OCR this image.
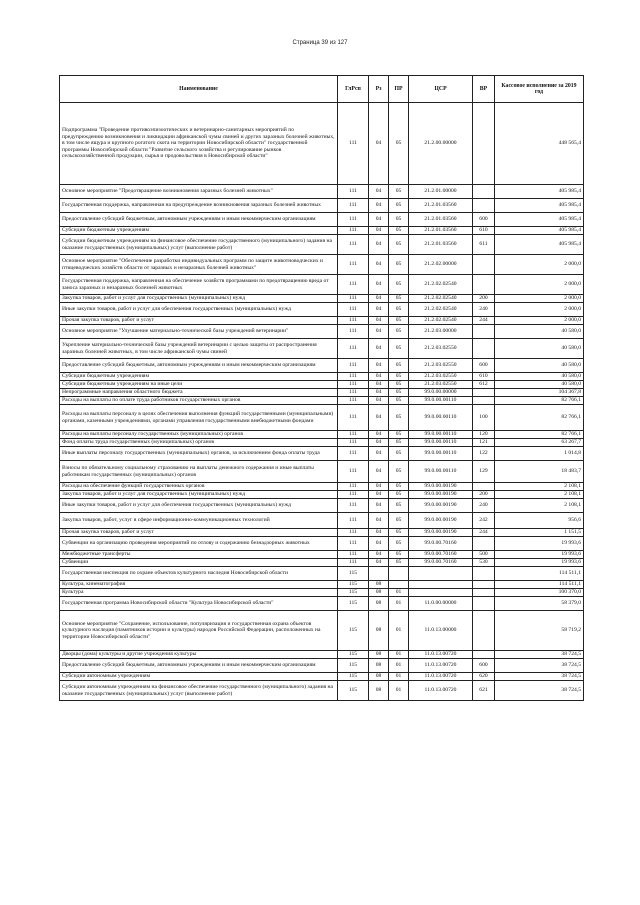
Страница 39 из 127
Наименование	ГлРсп	Рз	ПР	ЦСР	ВР	Кассовое исполнение за 2019 год
Подпрограмма "Проведение противоэпизоотических и ветеринарно-санитарных мероприятий по предупреждению возникновения и ликвидации африканской чумы свиней и других заразных болезней животных, в том числе ящура и крупного рогатого скота на территории Новосибирской области" государственной программы Новосибирской области "Развитие сельского хозяйства и регулирование рынков сельскохозяйственной продукции, сырья и продовольствия в Новосибирской области"	111	04	05	21.2.00.00000		448 565,4
Основное мероприятие "Предотвращение возникновения заразных болезней животных"	111	04	05	21.2.01.00000		405 985,4
Государственная поддержка, направленная на предупреждение возникновения заразных болезней животных	111	04	05	21.2.01.03560		405 985,4
Предоставление субсидий бюджетным, автономным учреждениям и иным некоммерческим организациям	111	04	05	21.2.01.03560	600	405 985,4
Субсидии бюджетным учреждениям	111	04	05	21.2.01.03560	610	405 985,4
Субсидии бюджетным учреждениям на финансовое обеспечение государственного (муниципального) задания на оказание государственных (муниципальных) услуг (выполнение работ)	111	04	05	21.2.01.03560	611	405 985,4
Основное мероприятие "Обеспечение разработки индивидуальных программ по защите животноводческих и птицеводческих хозяйств области от заразных и незаразных болезней животных"	111	04	05	21.2.02.00000		2 000,0
Государственная поддержка, направленная на обеспечение хозяйств программами по предотвращению вреда от заноса заразных и незаразных болезней животных	111	04	05	21.2.02.02540		2 000,0
Закупка товаров, работ и услуг для государственных (муниципальных) нужд	111	04	05	21.2.02.02540	200	2 000,0
Иные закупки товаров, работ и услуг для обеспечения государственных (муниципальных) нужд	111	04	05	21.2.02.02540	240	2 000,0
Прочая закупка товаров, работ и услуг	111	04	05	21.2.02.02540	244	2 000,0
Основное мероприятие "Улучшение материально-технической базы учреждений ветеринарии"	111	04	05	21.2.03.00000		40 580,0
Укрепление материально-технической базы учреждений ветеринарии с целью защиты от распространения заразных болезней животных, в том числе африканской чумы свиней	111	04	05	21.2.03.02550		40 580,0
Предоставление субсидий бюджетным, автономным учреждениям и иным некоммерческим организациям	111	04	05	21.2.03.02550	600	40 580,0
Субсидии бюджетным учреждениям	111	04	05	21.2.03.02550	610	40 580,0
Субсидии бюджетным учреждениям на иные цели	111	04	05	21.2.03.02550	612	40 580,0
Непрограммные направления областного бюджета	111	04	05	99.0.00.00000		104 367,8
Расходы на выплаты по оплате труда работников государственных органов	111	04	05	99.0.00.00110		82 766,1
Расходы на выплаты персоналу в целях обеспечения выполнения функций государственными (муниципальными) органами, казенными учреждениями, органами управления государственными внебюджетными фондами	111	04	05	99.0.00.00110	100	82 766,1
Расходы на выплаты персоналу государственных (муниципальных) органов	111	04	05	99.0.00.00110	120	82 766,1
Фонд оплаты труда государственных (муниципальных) органов	111	04	05	99.0.00.00110	121	63 267,7
Иные выплаты персоналу государственных (муниципальных) органов, за исключением фонда оплаты труда	111	04	05	99.0.00.00110	122	1 014,8
Взносы по обязательному социальному страхованию на выплаты денежного содержания и иные выплаты работникам государственных (муниципальных) органов	111	04	05	99.0.00.00110	129	18 483,7
Расходы на обеспечение функций государственных органов	111	04	05	99.0.00.00190		2 108,1
Закупка товаров, работ и услуг для государственных (муниципальных) нужд	111	04	05	99.0.00.00190	200	2 108,1
Иные закупки товаров, работ и услуг для обеспечения государственных (муниципальных) нужд	111	04	05	99.0.00.00190	240	2 108,1
Закупка товаров, работ, услуг в сфере информационно-коммуникационных технологий	111	04	05	99.0.00.00190	242	956,6
Прочая закупка товаров, работ и услуг	111	04	05	99.0.00.00190	244	1 151,5
Субвенции на организацию проведения мероприятий по отлову и содержанию безнадзорных животных	111	04	05	99.0.00.70160		19 993,6
Межбюджетные трансферты	111	04	05	99.0.00.70160	500	19 993,6
Субвенции	111	04	05	99.0.00.70160	530	19 993,6
Государственная инспекция по охране объектов культурного наследия Новосибирской области	115					114 511,1
Культура, кинематография	115	08				114 511,1
Культура	115	08	01			100 370,0
Государственная программа Новосибирской области "Культура Новосибирской области"	115	08	01	11.0.00.00000		58 379,0
Основное мероприятие "Сохранение, использование, популяризация и государственная охрана объектов культурного наследия (памятников истории и культуры) народов Российской Федерации, расположенных на территории Новосибирской области"	115	08	01	11.0.13.00000		58 719,2
Дворцы (дома) культуры и другие учреждения культуры	115	08	01	11.0.13.00720		38 724,5
Предоставление субсидий бюджетным, автономным учреждениям и иным некоммерческим организациям	115	08	01	11.0.13.00720	600	38 724,5
Субсидии автономным учреждениям	115	08	01	11.0.13.00720	620	38 724,5
Субсидии автономным учреждениям на финансовое обеспечение государственного (муниципального) задания на оказание государственных (муниципальных) услуг (выполнение работ)	115	08	01	11.0.13.00720	621	38 724,5
